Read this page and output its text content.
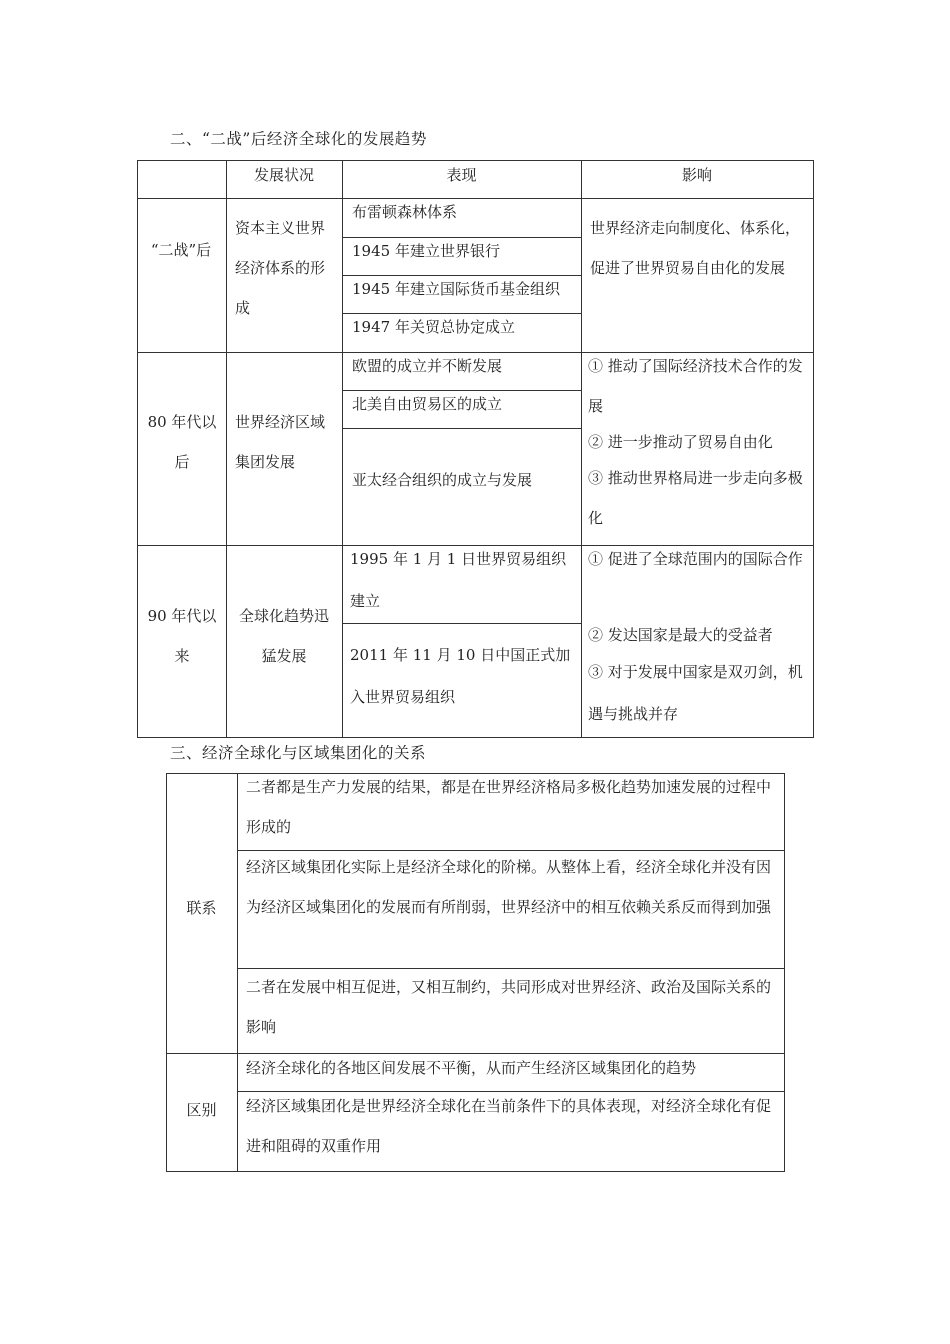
二、“二战”后经济全球化的发展趋势
发展状况	表现	影响
“二战”后
资本主义世界经济体系的形成
布雷顿森林体系
1945 年建立世界银行
1945 年建立国际货币基金组织
1947 年关贸总协定成立
世界经济走向制度化、体系化，促进了世界贸易自由化的发展
80 年代以后
世界经济区域集团发展
欧盟的成立并不断发展
北美自由贸易区的成立
亚太经合组织的成立与发展
① 推动了国际经济技术合作的发展
② 进一步推动了贸易自由化
③ 推动世界格局进一步走向多极化
90 年代以来
全球化趋势迅猛发展
1995 年 1 月 1 日世界贸易组织建立
2011 年 11 月 10 日中国正式加入世界贸易组织
① 促进了全球范围内的国际合作
② 发达国家是最大的受益者
③ 对于发展中国家是双刃剑，机遇与挑战并存
三、经济全球化与区域集团化的关系
联系
二者都是生产力发展的结果，都是在世界经济格局多极化趋势加速发展的过程中形成的
经济区域集团化实际上是经济全球化的阶梯。从整体上看，经济全球化并没有因为经济区域集团化的发展而有所削弱，世界经济中的相互依赖关系反而得到加强
二者在发展中相互促进，又相互制约，共同形成对世界经济、政治及国际关系的影响
区别
经济全球化的各地区间发展不平衡，从而产生经济区域集团化的趋势
经济区域集团化是世界经济全球化在当前条件下的具体表现，对经济全球化有促进和阻碍的双重作用
